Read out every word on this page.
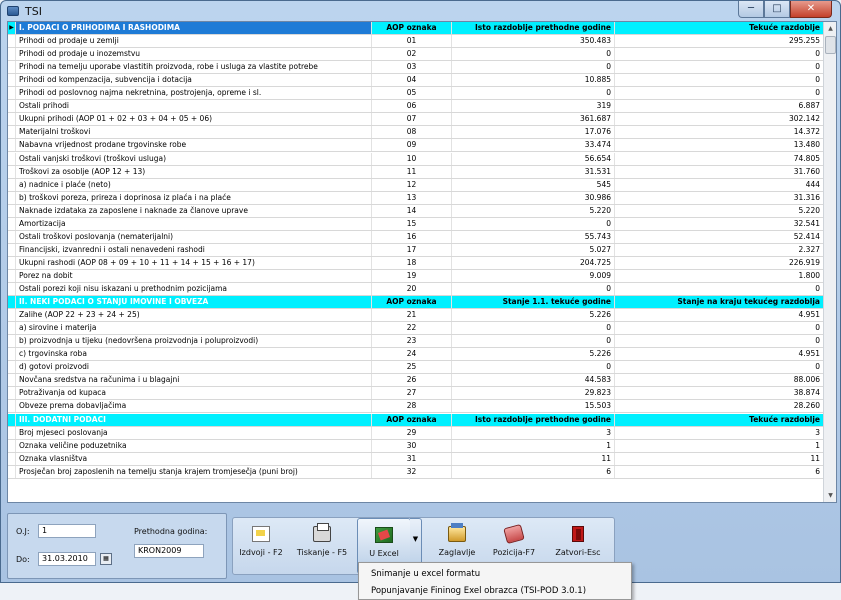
TSI	─	□	✕
▶ I. PODACI O PRIHODIMA I RASHODIMA	AOP oznaka	Isto razdoblje prethodne godine	Tekuće razdoblje
Prihodi od prodaje u zemlji	01	350.483	295.255
Prihodi od prodaje u inozemstvu	02	0	0
Prihodi na temelju uporabe vlastitih proizvoda, robe i usluga za vlastite potrebe	03	0	0
Prihodi od kompenzacija, subvencija i dotacija	04	10.885	0
Prihodi od poslovnog najma nekretnina, postrojenja, opreme i sl.	05	0	0
Ostali prihodi	06	319	6.887
Ukupni prihodi (AOP 01 + 02 + 03 + 04 + 05 + 06)	07	361.687	302.142
Materijalni troškovi	08	17.076	14.372
Nabavna vrijednost prodane trgovinske robe	09	33.474	13.480
Ostali vanjski troškovi (troškovi usluga)	10	56.654	74.805
Troškovi za osoblje (AOP 12 + 13)	11	31.531	31.760
a) nadnice i plaće (neto)	12	545	444
b) troškovi poreza, prireza i doprinosa iz plaća i na plaće	13	30.986	31.316
Naknade izdataka za zaposlene i naknade za članove uprave	14	5.220	5.220
Amortizacija	15	0	32.541
Ostali troškovi poslovanja (nematerijalni)	16	55.743	52.414
Financijski, izvanredni i ostali nenavedeni rashodi	17	5.027	2.327
Ukupni rashodi (AOP 08 + 09 + 10 + 11 + 14 + 15 + 16 + 17)	18	204.725	226.919
Porez na dobit	19	9.009	1.800
Ostali porezi koji nisu iskazani u prethodnim pozicijama	20	0	0
II. NEKI PODACI O STANJU IMOVINE I OBVEZA	AOP oznaka	Stanje 1.1. tekuće godine	Stanje na kraju tekućeg razdoblja
Zalihe (AOP 22 + 23 + 24 + 25)	21	5.226	4.951
a) sirovine i materija	22	0	0
b) proizvodnja u tijeku (nedovršena proizvodnja i poluproizvodi)	23	0	0
c) trgovinska roba	24	5.226	4.951
d) gotovi proizvodi	25	0	0
Novčana sredstva na računima i u blagajni	26	44.583	88.006
Potraživanja od kupaca	27	29.823	38.874
Obveze prema dobavljačima	28	15.503	28.260
III. DODATNI PODACI	AOP oznaka	Isto razdoblje prethodne godine	Tekuće razdoblje
Broj mjeseci poslovanja	29	3	3
Oznaka veličine poduzetnika	30	1	1
Oznaka vlasništva	31	11	11
Prosječan broj zaposlenih na temelju stanja krajem tromjesečja (puni broj)	32	6	6
▲
▼
O.J:	1
Do:	31.03.2010	▦
Prethodna godina:
KRON2009	Izdvoji - F2 Tiskanje - F5	U Excel
▼
Zaglavlje Pozicija-F7	Zatvori-Esc
Snimanje u excel formatu
Popunjavanje Fininog Exel obrazca (TSI-POD 3.0.1)
